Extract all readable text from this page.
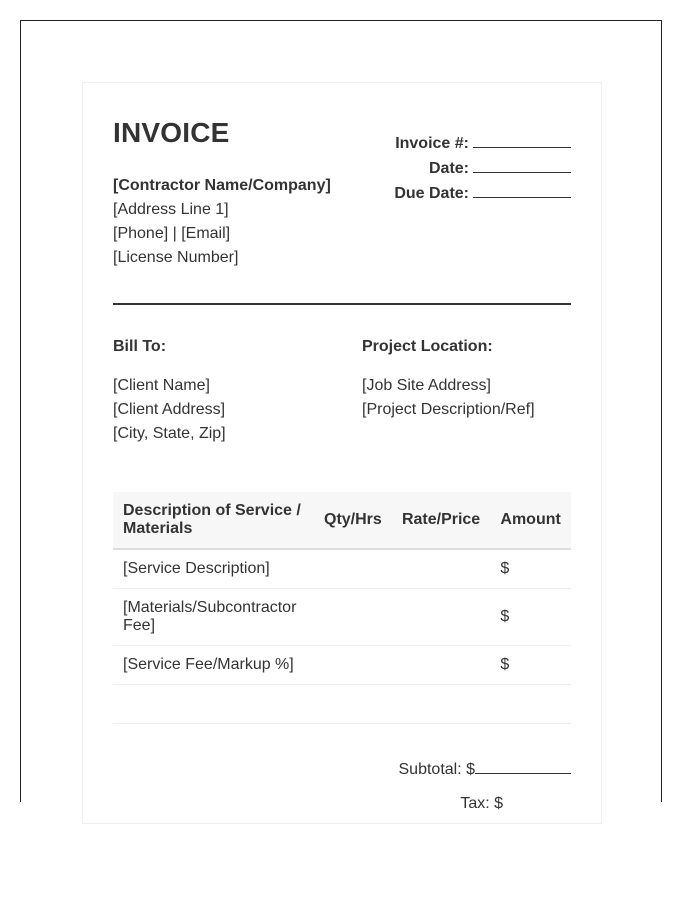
INVOICE
[Contractor Name/Company]
[Address Line 1]
[Phone] | [Email]
[License Number]
Invoice #:
Date:
Due Date:
Bill To:
[Client Name]
[Client Address]
[City, State, Zip]
Project Location:
[Job Site Address]
[Project Description/Ref]
Description of Service / Materials	Qty/Hrs	Rate/Price	Amount
[Service Description]			$
[Materials/Subcontractor Fee]			$
[Service Fee/Markup %]			$

Subtotal: $
Tax: $
